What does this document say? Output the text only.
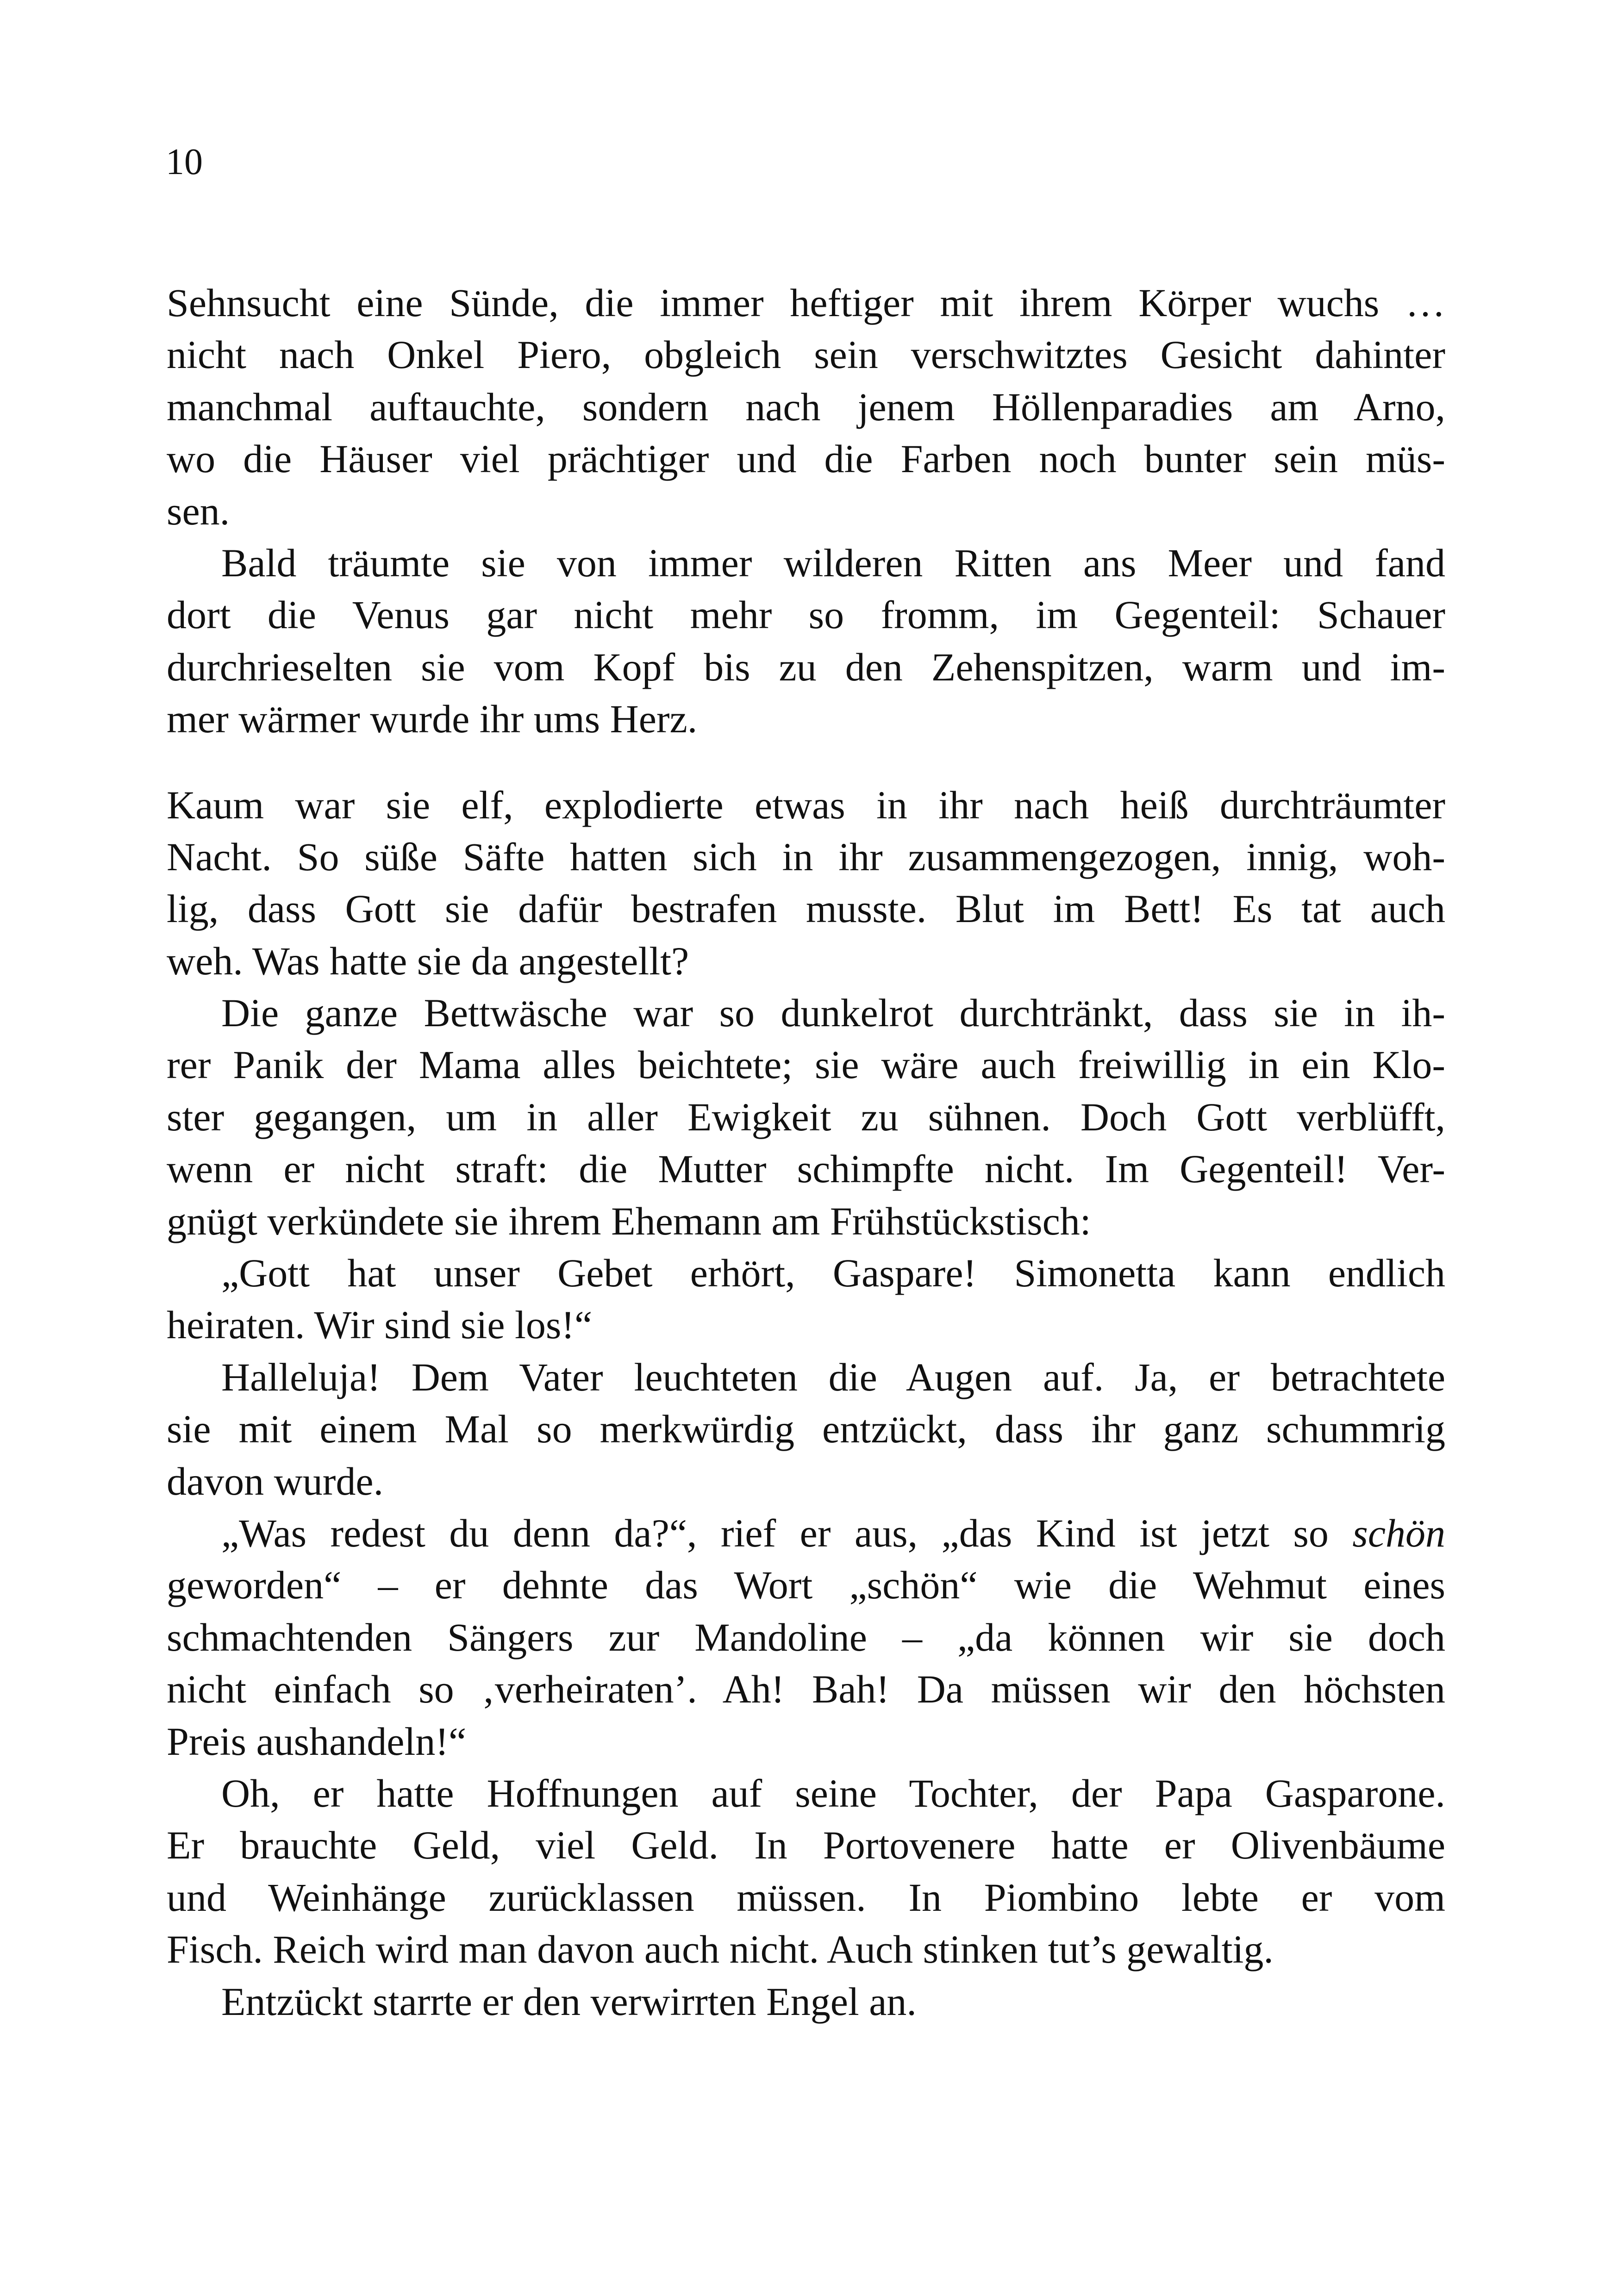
10
Sehnsucht eine Sünde, die immer heftiger mit ihrem Körper wuchs …
nicht nach Onkel Piero, obgleich sein verschwitztes Gesicht dahinter
manchmal auftauchte, sondern nach jenem Höllenparadies am Arno,
wo die Häuser viel prächtiger und die Farben noch bunter sein müs-
sen.
Bald träumte sie von immer wilderen Ritten ans Meer und fand
dort die Venus gar nicht mehr so fromm, im Gegenteil: Schauer
durchrieselten sie vom Kopf bis zu den Zehenspitzen, warm und im-
mer wärmer wurde ihr ums Herz.
Kaum war sie elf, explodierte etwas in ihr nach heiß durchträumter
Nacht. So süße Säfte hatten sich in ihr zusammengezogen, innig, woh-
lig, dass Gott sie dafür bestrafen musste. Blut im Bett! Es tat auch
weh. Was hatte sie da angestellt?
Die ganze Bettwäsche war so dunkelrot durchtränkt, dass sie in ih-
rer Panik der Mama alles beichtete; sie wäre auch freiwillig in ein Klo-
ster gegangen, um in aller Ewigkeit zu sühnen. Doch Gott verblüfft,
wenn er nicht straft: die Mutter schimpfte nicht. Im Gegenteil! Ver-
gnügt verkündete sie ihrem Ehemann am Frühstückstisch:
„Gott hat unser Gebet erhört, Gaspare! Simonetta kann endlich
heiraten. Wir sind sie los!“
Halleluja! Dem Vater leuchteten die Augen auf. Ja, er betrachtete
sie mit einem Mal so merkwürdig entzückt, dass ihr ganz schummrig
davon wurde.
„Was redest du denn da?“, rief er aus, „das Kind ist jetzt so schön
geworden“ – er dehnte das Wort „schön“ wie die Wehmut eines
schmachtenden Sängers zur Mandoline – „da können wir sie doch
nicht einfach so ‚verheiraten’. Ah! Bah! Da müssen wir den höchsten
Preis aushandeln!“
Oh, er hatte Hoffnungen auf seine Tochter, der Papa Gasparone.
Er brauchte Geld, viel Geld. In Portovenere hatte er Olivenbäume
und Weinhänge zurücklassen müssen. In Piombino lebte er vom
Fisch. Reich wird man davon auch nicht. Auch stinken tut’s gewaltig.
Entzückt starrte er den verwirrten Engel an.
